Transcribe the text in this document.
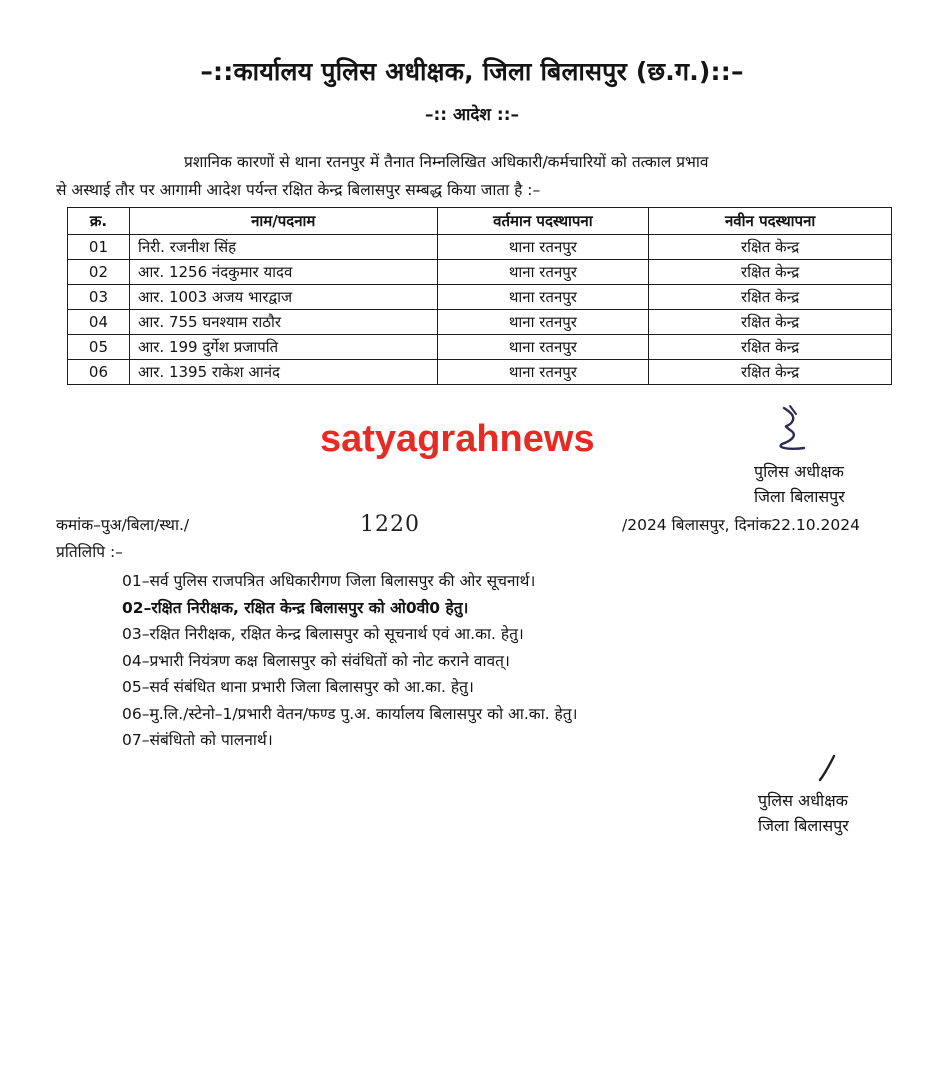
–::कार्यालय पुलिस अधीक्षक, जिला बिलासपुर (छ.ग.)::–
–:: आदेश ::–
प्रशानिक कारणों से थाना रतनपुर में तैनात निम्नलिखित अधिकारी/कर्मचारियों को तत्काल प्रभाव
से अस्थाई तौर पर आगामी आदेश पर्यन्त रक्षित केन्द्र बिलासपुर सम्बद्ध किया जाता है :–
क्र.	नाम/पदनाम	वर्तमान पदस्थापना	नवीन पदस्थापना
01	निरी. रजनीश सिंह	थाना रतनपुर	रक्षित केन्द्र
02	आर. 1256 नंदकुमार यादव	थाना रतनपुर	रक्षित केन्द्र
03	आर. 1003 अजय भारद्वाज	थाना रतनपुर	रक्षित केन्द्र
04	आर. 755 घनश्याम राठौर	थाना रतनपुर	रक्षित केन्द्र
05	आर. 199 दुर्गेश प्रजापति	थाना रतनपुर	रक्षित केन्द्र
06	आर. 1395 राकेश आनंद	थाना रतनपुर	रक्षित केन्द्र
satyagrahnews
पुलिस अधीक्षक
जिला बिलासपुर
कमांक–पुअ/बिला/स्था./	1220	/2024 बिलासपुर, दिनांक22.10.2024
प्रतिलिपि :–
01–सर्व पुलिस राजपत्रित अधिकारीगण जिला बिलासपुर की ओर सूचनार्थ।
02–रक्षित निरीक्षक, रक्षित केन्द्र बिलासपुर को ओ0वी0 हेतु।
03–रक्षित निरीक्षक, रक्षित केन्द्र बिलासपुर को सूचनार्थ एवं आ.का. हेतु।
04–प्रभारी नियंत्रण कक्ष बिलासपुर को संवंधितों को नोट कराने वावत्।
05–सर्व संबंधित थाना प्रभारी जिला बिलासपुर को आ.का. हेतु।
06–मु.लि./स्टेनो–1/प्रभारी वेतन/फण्ड पु.अ. कार्यालय बिलासपुर को आ.का. हेतु।
07–संबंधितो को पालनार्थ।
पुलिस अधीक्षक
जिला बिलासपुर
